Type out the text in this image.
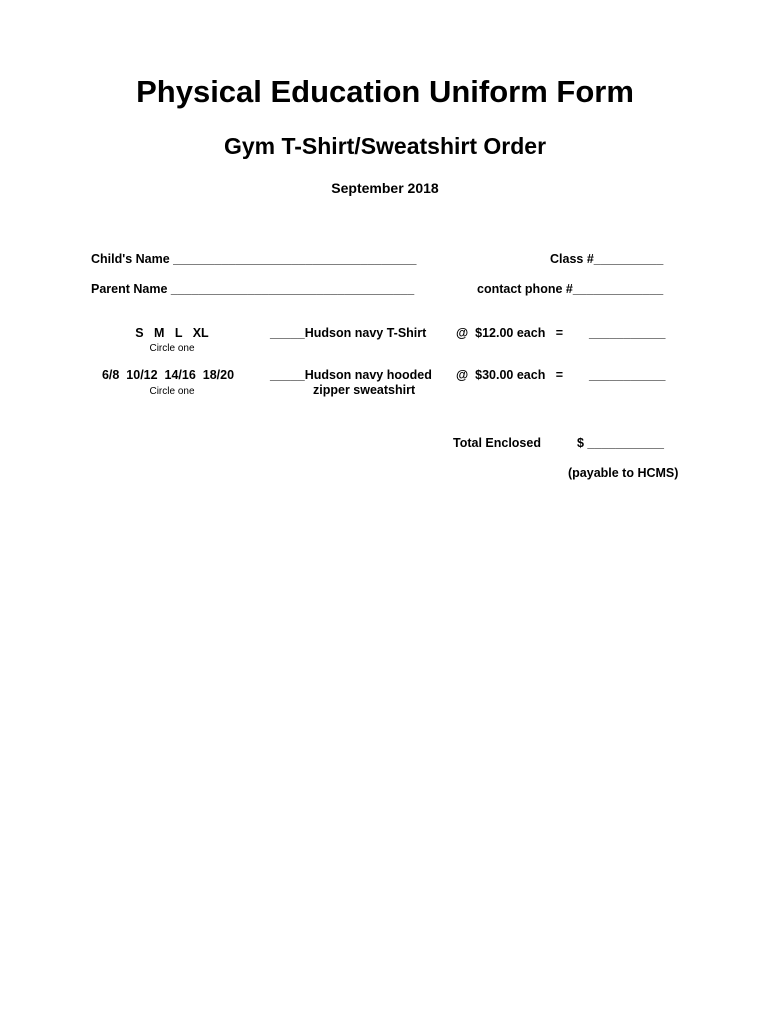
Physical Education Uniform Form
Gym T-Shirt/Sweatshirt Order
September 2018
Child's Name ___________________________________	Class #__________
Parent Name ___________________________________	contact phone #_____________
S   M   L   XL
Circle one
_____Hudson navy T-Shirt @  $12.00 each   = ___________
6/8  10/12  14/16  18/20
Circle one
_____Hudson navy hooded
zipper sweatshirt
@  $30.00 each   = ___________
Total Enclosed	$ ___________
(payable to HCMS)
